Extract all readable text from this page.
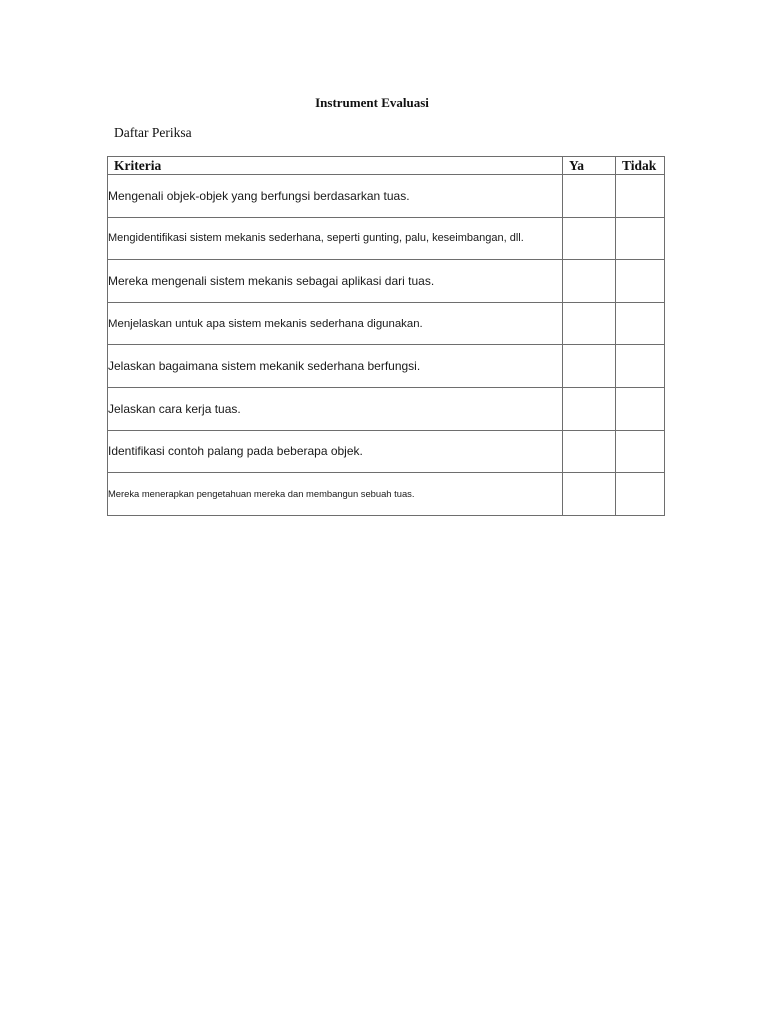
Instrument Evaluasi
Daftar Periksa
Kriteria	Ya	Tidak
Mengenali objek-objek yang berfungsi berdasarkan tuas.		
Mengidentifikasi sistem mekanis sederhana, seperti gunting, palu, keseimbangan, dll.		
Mereka mengenali sistem mekanis sebagai aplikasi dari tuas.		
Menjelaskan untuk apa sistem mekanis sederhana digunakan.		
Jelaskan bagaimana sistem mekanik sederhana berfungsi.		
Jelaskan cara kerja tuas.		
Identifikasi contoh palang pada beberapa objek.		
Mereka menerapkan pengetahuan mereka dan membangun sebuah tuas.		
